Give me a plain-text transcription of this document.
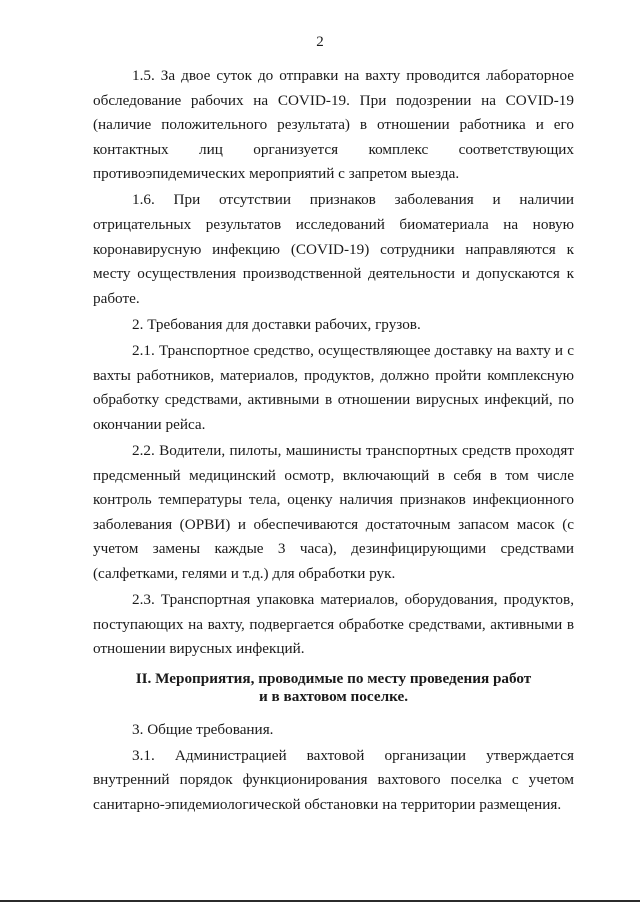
2

1.5. За двое суток до отправки на вахту проводится лабораторное обследование рабочих на COVID-19. При подозрении на COVID-19 (наличие положительного результата) в отношении работника и его контактных лиц организуется комплекс соответствующих противоэпидемических мероприятий с запретом выезда.

1.6. При отсутствии признаков заболевания и наличии отрицательных результатов исследований биоматериала на новую коронавирусную инфекцию (COVID-19) сотрудники направляются к месту осуществления производственной деятельности и допускаются к работе.

2. Требования для доставки рабочих, грузов.

2.1. Транспортное средство, осуществляющее доставку на вахту и с вахты работников, материалов, продуктов, должно пройти комплексную обработку средствами, активными в отношении вирусных инфекций, по окончании рейса.

2.2. Водители, пилоты, машинисты транспортных средств проходят предсменный медицинский осмотр, включающий в себя в том числе контроль температуры тела, оценку наличия признаков инфекционного заболевания (ОРВИ) и обеспечиваются достаточным запасом масок (с учетом замены каждые 3 часа), дезинфицирующими средствами (салфетками, гелями и т.д.) для обработки рук.

2.3. Транспортная упаковка материалов, оборудования, продуктов, поступающих на вахту, подвергается обработке средствами, активными в отношении вирусных инфекций.

II. Мероприятия, проводимые по месту проведения работ
и в вахтовом поселке.

3. Общие требования.

3.1. Администрацией вахтовой организации утверждается внутренний порядок функционирования вахтового поселка с учетом санитарно-эпидемиологической обстановки на территории размещения.
